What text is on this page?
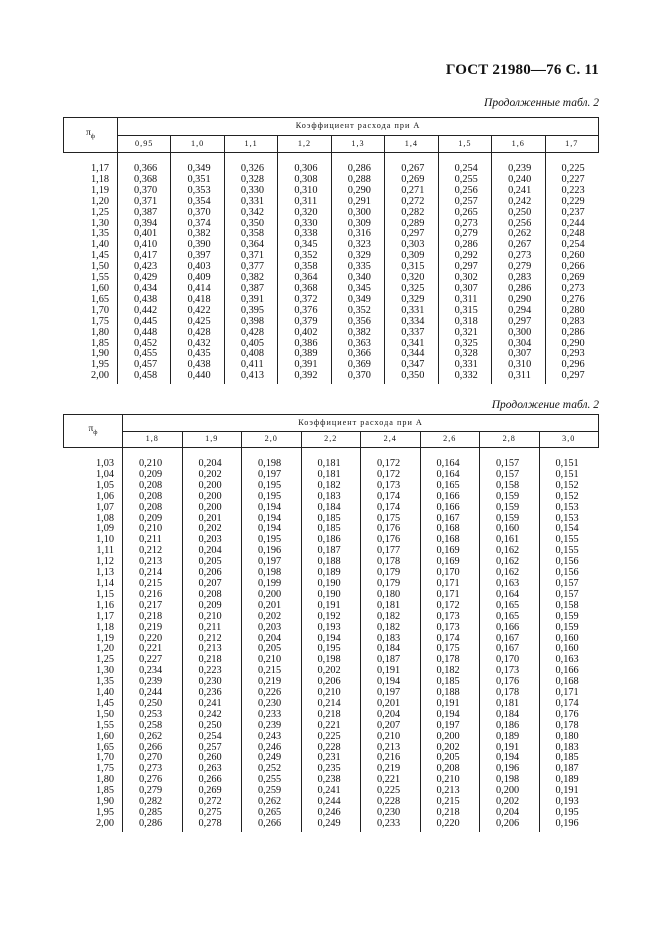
ГОСТ 21980—76 С. 11
Продолженные табл. 2
$\pi_ф$	Коэффициент расхода при A								
	0,95	1,0	1,1	1,2	1,3	1,4	1,5	1,6	1,7
1,17	0,366	0,349	0,326	0,306	0,286	0,267	0,254	0,239	0,225
1,18	0,368	0,351	0,328	0,308	0,288	0,269	0,255	0,240	0,227
1,19	0,370	0,353	0,330	0,310	0,290	0,271	0,256	0,241	0,223
1,20	0,371	0,354	0,331	0,311	0,291	0,272	0,257	0,242	0,229
1,25	0,387	0,370	0,342	0,320	0,300	0,282	0,265	0,250	0,237
1,30	0,394	0,374	0,350	0,330	0,309	0,289	0,273	0,256	0,244
1,35	0,401	0,382	0,358	0,338	0,316	0,297	0,279	0,262	0,248
1,40	0,410	0,390	0,364	0,345	0,323	0,303	0,286	0,267	0,254
1,45	0,417	0,397	0,371	0,352	0,329	0,309	0,292	0,273	0,260
1,50	0,423	0,403	0,377	0,358	0,335	0,315	0,297	0,279	0,266
1,55	0,429	0,409	0,382	0,364	0,340	0,320	0,302	0,283	0,269
1,60	0,434	0,414	0,387	0,368	0,345	0,325	0,307	0,286	0,273
1,65	0,438	0,418	0,391	0,372	0,349	0,329	0,311	0,290	0,276
1,70	0,442	0,422	0,395	0,376	0,352	0,331	0,315	0,294	0,280
1,75	0,445	0,425	0,398	0,379	0,356	0,334	0,318	0,297	0,283
1,80	0,448	0,428	0,428	0,402	0,382	0,337	0,321	0,300	0,286
1,85	0,452	0,432	0,405	0,386	0,363	0,341	0,325	0,304	0,290
1,90	0,455	0,435	0,408	0,389	0,366	0,344	0,328	0,307	0,293
1,95	0,457	0,438	0,411	0,391	0,369	0,347	0,331	0,310	0,296
2,00	0,458	0,440	0,413	0,392	0,370	0,350	0,332	0,311	0,297
Продолжение табл. 2
$\pi_ф$	Коэффициент расхода при A							
	1,8	1,9	2,0	2,2	2,4	2,6	2,8	3,0
1,03	0,210	0,204	0,198	0,181	0,172	0,164	0,157	0,151
1,04	0,209	0,202	0,197	0,181	0,172	0,164	0,157	0,151
1,05	0,208	0,200	0,195	0,182	0,173	0,165	0,158	0,152
1,06	0,208	0,200	0,195	0,183	0,174	0,166	0,159	0,152
1,07	0,208	0,200	0,194	0,184	0,174	0,166	0,159	0,153
1,08	0,209	0,201	0,194	0,185	0,175	0,167	0,159	0,153
1,09	0,210	0,202	0,194	0,185	0,176	0,168	0,160	0,154
1,10	0,211	0,203	0,195	0,186	0,176	0,168	0,161	0,155
1,11	0,212	0,204	0,196	0,187	0,177	0,169	0,162	0,155
1,12	0,213	0,205	0,197	0,188	0,178	0,169	0,162	0,156
1,13	0,214	0,206	0,198	0,189	0,179	0,170	0,162	0,156
1,14	0,215	0,207	0,199	0,190	0,179	0,171	0,163	0,157
1,15	0,216	0,208	0,200	0,190	0,180	0,171	0,164	0,157
1,16	0,217	0,209	0,201	0,191	0,181	0,172	0,165	0,158
1,17	0,218	0,210	0,202	0,192	0,182	0,173	0,165	0,159
1,18	0,219	0,211	0,203	0,193	0,182	0,173	0,166	0,159
1,19	0,220	0,212	0,204	0,194	0,183	0,174	0,167	0,160
1,20	0,221	0,213	0,205	0,195	0,184	0,175	0,167	0,160
1,25	0,227	0,218	0,210	0,198	0,187	0,178	0,170	0,163
1,30	0,234	0,223	0,215	0,202	0,191	0,182	0,173	0,166
1,35	0,239	0,230	0,219	0,206	0,194	0,185	0,176	0,168
1,40	0,244	0,236	0,226	0,210	0,197	0,188	0,178	0,171
1,45	0,250	0,241	0,230	0,214	0,201	0,191	0,181	0,174
1,50	0,253	0,242	0,233	0,218	0,204	0,194	0,184	0,176
1,55	0,258	0,250	0,239	0,221	0,207	0,197	0,186	0,178
1,60	0,262	0,254	0,243	0,225	0,210	0,200	0,189	0,180
1,65	0,266	0,257	0,246	0,228	0,213	0,202	0,191	0,183
1,70	0,270	0,260	0,249	0,231	0,216	0,205	0,194	0,185
1,75	0,273	0,263	0,252	0,235	0,219	0,208	0,196	0,187
1,80	0,276	0,266	0,255	0,238	0,221	0,210	0,198	0,189
1,85	0,279	0,269	0,259	0,241	0,225	0,213	0,200	0,191
1,90	0,282	0,272	0,262	0,244	0,228	0,215	0,202	0,193
1,95	0,285	0,275	0,265	0,246	0,230	0,218	0,204	0,195
2,00	0,286	0,278	0,266	0,249	0,233	0,220	0,206	0,196
